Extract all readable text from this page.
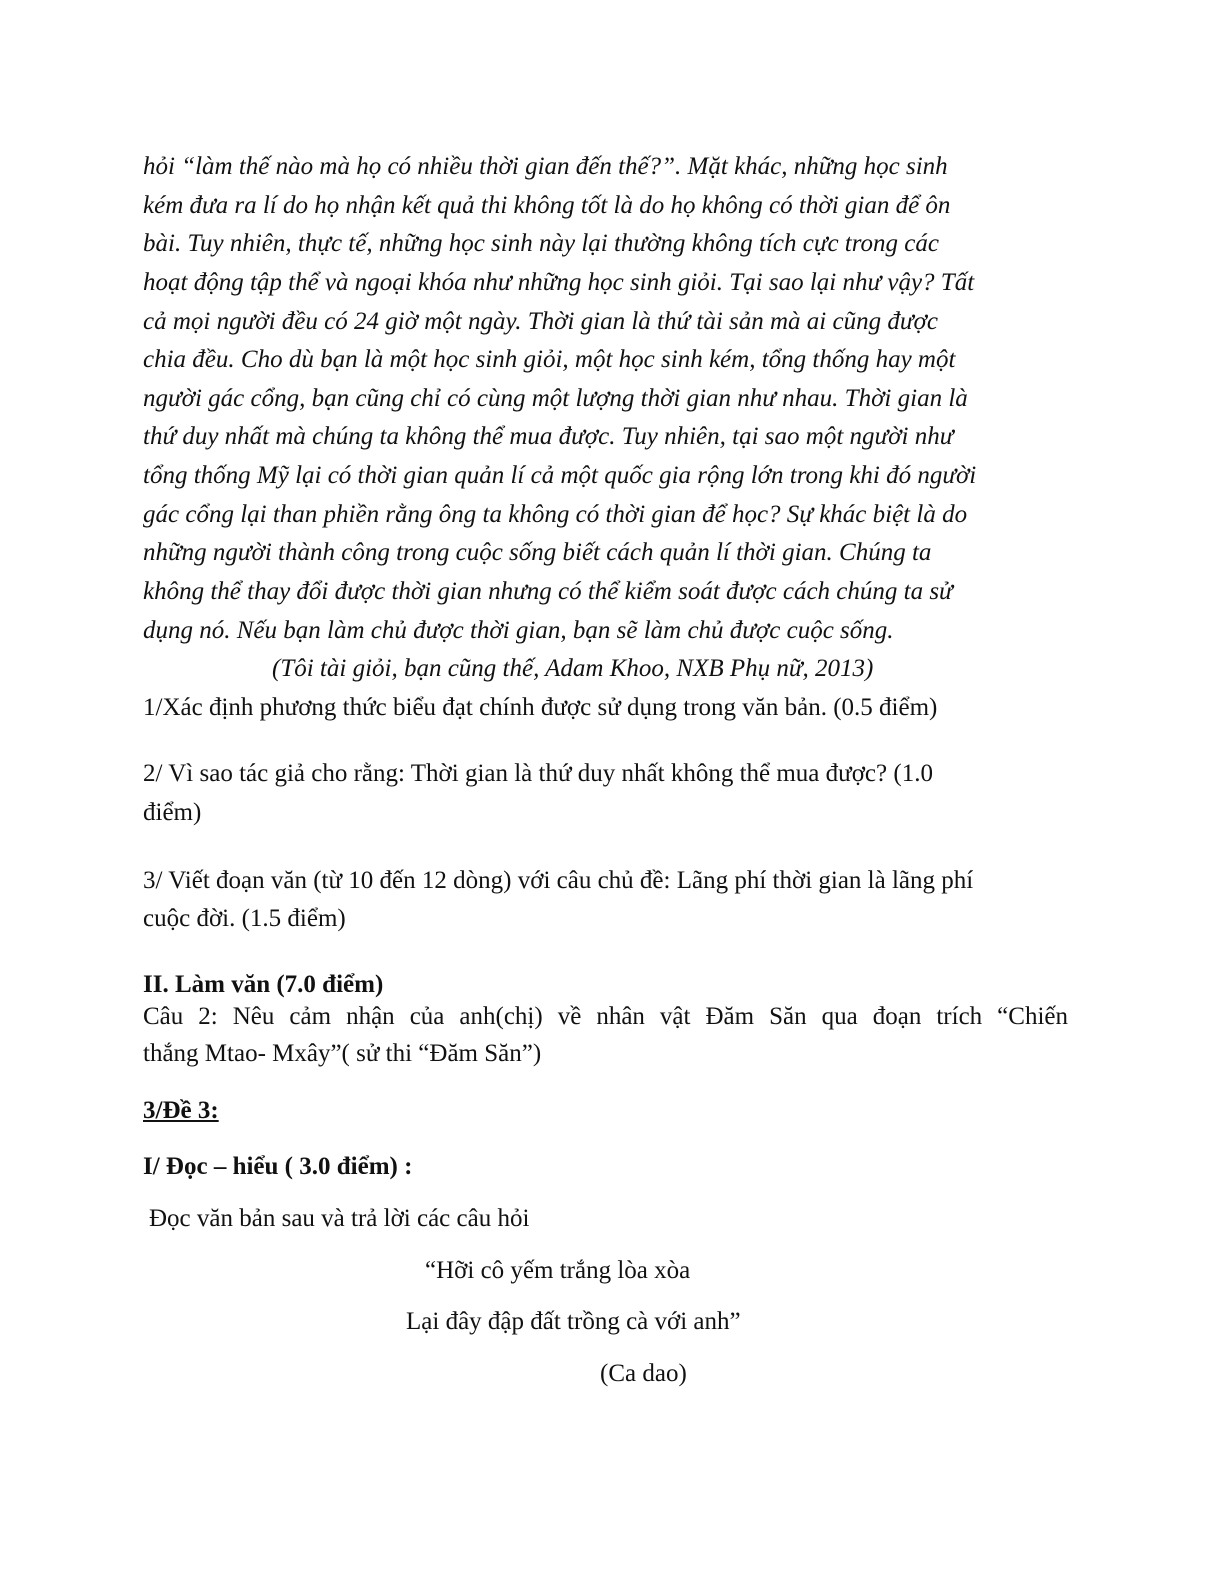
hỏi “làm thế nào mà họ có nhiều thời gian đến thế?”. Mặt khác, những học sinh
kém đưa ra lí do họ nhận kết quả thi không tốt là do họ không có thời gian để ôn
bài. Tuy nhiên, thực tế, những học sinh này lại thường không tích cực trong các
hoạt động tập thể và ngoại khóa như những học sinh giỏi. Tại sao lại như vậy? Tất
cả mọi người đều có 24 giờ một ngày. Thời gian là thứ tài sản mà ai cũng được
chia đều. Cho dù bạn là một học sinh giỏi, một học sinh kém, tổng thống hay một
người gác cổng, bạn cũng chỉ có cùng một lượng thời gian như nhau. Thời gian là
thứ duy nhất mà chúng ta không thể mua được. Tuy nhiên, tại sao một người như
tổng thống Mỹ lại có thời gian quản lí cả một quốc gia rộng lớn trong khi đó người
gác cổng lại than phiền rằng ông ta không có thời gian để học? Sự khác biệt là do
những người thành công trong cuộc sống biết cách quản lí thời gian. Chúng ta
không thể thay đổi được thời gian nhưng có thể kiểm soát được cách chúng ta sử
dụng nó. Nếu bạn làm chủ được thời gian, bạn sẽ làm chủ được cuộc sống.
(Tôi tài giỏi, bạn cũng thế, Adam Khoo, NXB Phụ nữ, 2013)
1/Xác định phương thức biểu đạt chính được sử dụng trong văn bản. (0.5 điểm)
2/ Vì sao tác giả cho rằng: Thời gian là thứ duy nhất không thể mua được? (1.0
điểm)
3/ Viết đoạn văn (từ 10 đến 12 dòng) với câu chủ đề: Lãng phí thời gian là lãng phí
cuộc đời. (1.5 điểm)
II. Làm văn (7.0 điểm)
Câu 2: Nêu cảm nhận của anh(chị) về nhân vật Đăm Săn qua đoạn trích “Chiến
thắng Mtao- Mxây”( sử thi “Đăm Săn”)
3/Đề 3:
I/ Đọc – hiểu ( 3.0 điểm) :
Đọc văn bản sau và trả lời các câu hỏi
“Hỡi cô yếm trắng lòa xòa
Lại đây đập đất trồng cà với anh”
(Ca dao)
